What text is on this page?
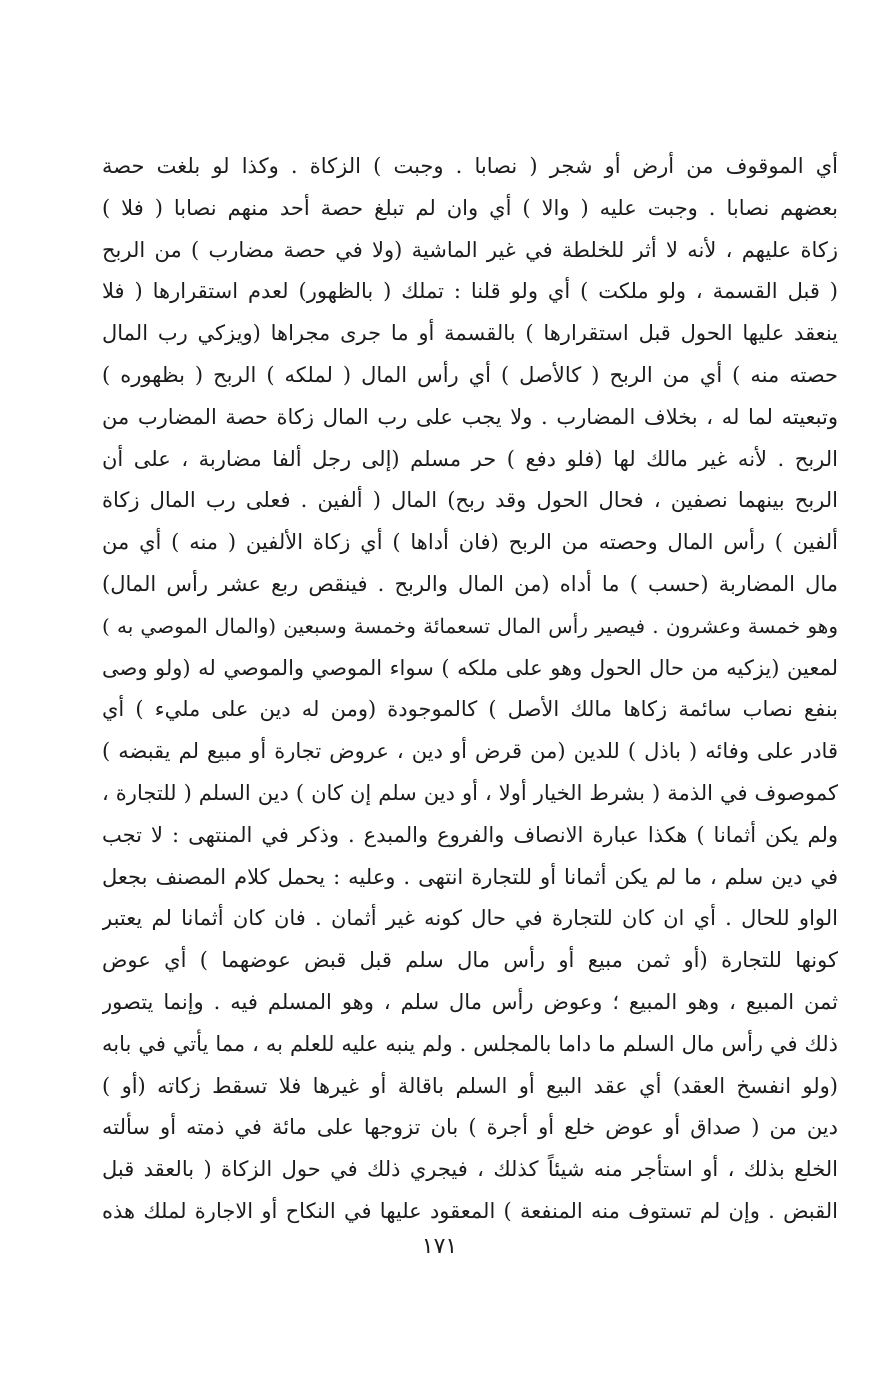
أي الموقوف من أرض أو شجر ( نصابا . وجبت ) الزكاة . وكذا لو بلغت حصة
بعضهم نصابا . وجبت عليه ( والا ) أي وان لم تبلغ حصة أحد منهم نصابا ( فلا )
زكاة عليهم ، لأنه لا أثر للخلطة في غير الماشية (ولا في حصة مضارب ) من الربح
( قبل القسمة ، ولو ملكت ) أي ولو قلنا : تملك ( بالظهور) لعدم استقرارها ( فلا
ينعقد عليها الحول قبل استقرارها ) بالقسمة أو ما جرى مجراها (ويزكي رب المال
حصته منه ) أي من الربح ( كالأصل ) أي رأس المال ( لملكه ) الربح ( بظهوره )
وتبعيته لما له ، بخلاف المضارب . ولا يجب على رب المال زكاة حصة المضارب من
الربح . لأنه غير مالك لها (فلو دفع ) حر مسلم (إلى رجل ألفا مضاربة ، على أن
الربح بينهما نصفين ، فحال الحول وقد ربح) المال ( ألفين . فعلى رب المال زكاة
ألفين ) رأس المال وحصته من الربح (فان أداها ) أي زكاة الألفين ( منه ) أي من
مال المضاربة (حسب ) ما أداه (من المال والربح . فينقص ربع عشر رأس المال)
وهو خمسة وعشرون . فيصير رأس المال تسعمائة وخمسة وسبعين (والمال الموصي به )
لمعين (يزكيه من حال الحول وهو على ملكه ) سواء الموصي والموصي له (ولو وصى
بنفع نصاب سائمة زكاها مالك الأصل ) كالموجودة (ومن له دين على مليء ) أي
قادر على وفائه ( باذل ) للدين (من قرض أو دين ، عروض تجارة أو مبيع لم يقبضه )
كموصوف في الذمة ( بشرط الخيار أولا ، أو دين سلم إن كان ) دين السلم ( للتجارة ،
ولم يكن أثمانا ) هكذا عبارة الانصاف والفروع والمبدع . وذكر في المنتهى : لا تجب
في دين سلم ، ما لم يكن أثمانا أو للتجارة انتهى . وعليه : يحمل كلام المصنف بجعل
الواو للحال . أي ان كان للتجارة في حال كونه غير أثمان . فان كان أثمانا لم يعتبر
كونها للتجارة (أو ثمن مبيع أو رأس مال سلم قبل قبض عوضهما ) أي عوض
ثمن المبيع ، وهو المبيع ؛ وعوض رأس مال سلم ، وهو المسلم فيه . وإنما يتصور
ذلك في رأس مال السلم ما داما بالمجلس . ولم ينبه عليه للعلم به ، مما يأتي في بابه
(ولو انفسخ العقد) أي عقد البيع أو السلم باقالة أو غيرها فلا تسقط زكاته (أو )
دين من ( صداق أو عوض خلع أو أجرة ) بان تزوجها على مائة في ذمته أو سألته
الخلع بذلك ، أو استأجر منه شيئاً كذلك ، فيجري ذلك في حول الزكاة ( بالعقد قبل
القبض . وإن لم تستوف منه المنفعة ) المعقود عليها في النكاح أو الاجارة لملك هذه
١٧١
